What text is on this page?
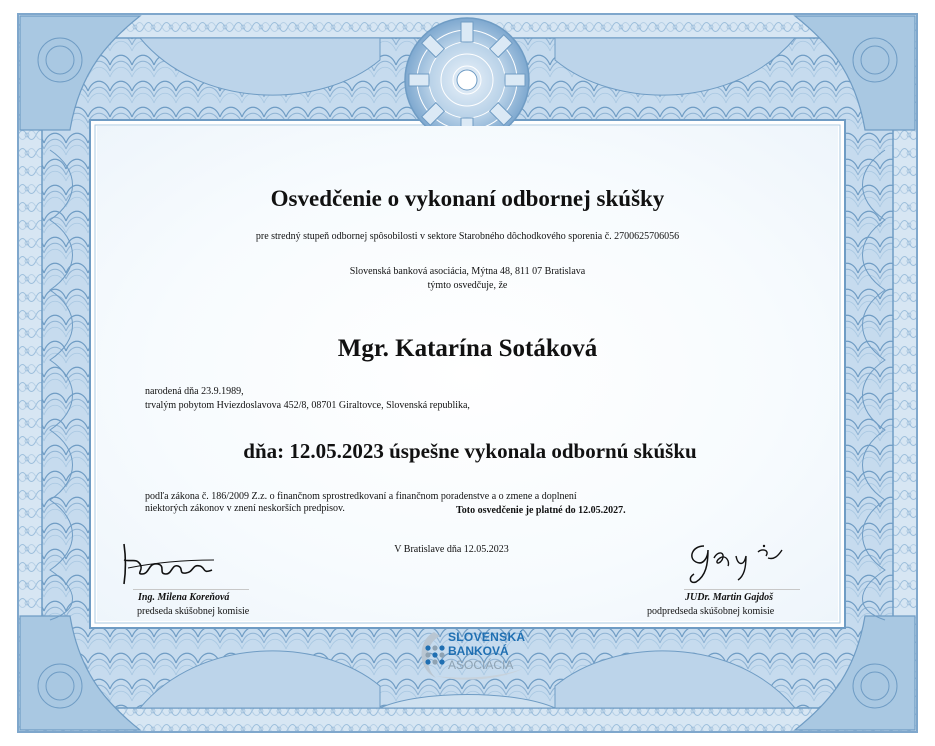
Osvedčenie o vykonaní odbornej skúšky
pre stredný stupeň odbornej spôsobilosti v sektore Starobného dôchodkového sporenia č. 2700625706056
Slovenská banková asociácia, Mýtna 48, 811 07 Bratislava
týmto osvedčuje, že
Mgr. Katarína Sotáková
narodená dňa 23.9.1989,
trvalým pobytom Hviezdoslavova 452/8, 08701 Giraltovce, Slovenská republika,
dňa: 12.05.2023 úspešne vykonala odbornú skúšku
podľa zákona č. 186/2009 Z.z. o finančnom sprostredkovaní a finančnom poradenstve a o zmene a doplnení
niektorých zákonov v znení neskorších predpisov.	Toto osvedčenie je platné do 12.05.2027.
V Bratislave dňa 12.05.2023
Ing. Milena Koreňová
predseda skúšobnej komisie
JUDr. Martin Gajdoš
podpredseda skúšobnej komisie
SLOVENSKÁ
BANKOVÁ
ASOCIÁCIA
